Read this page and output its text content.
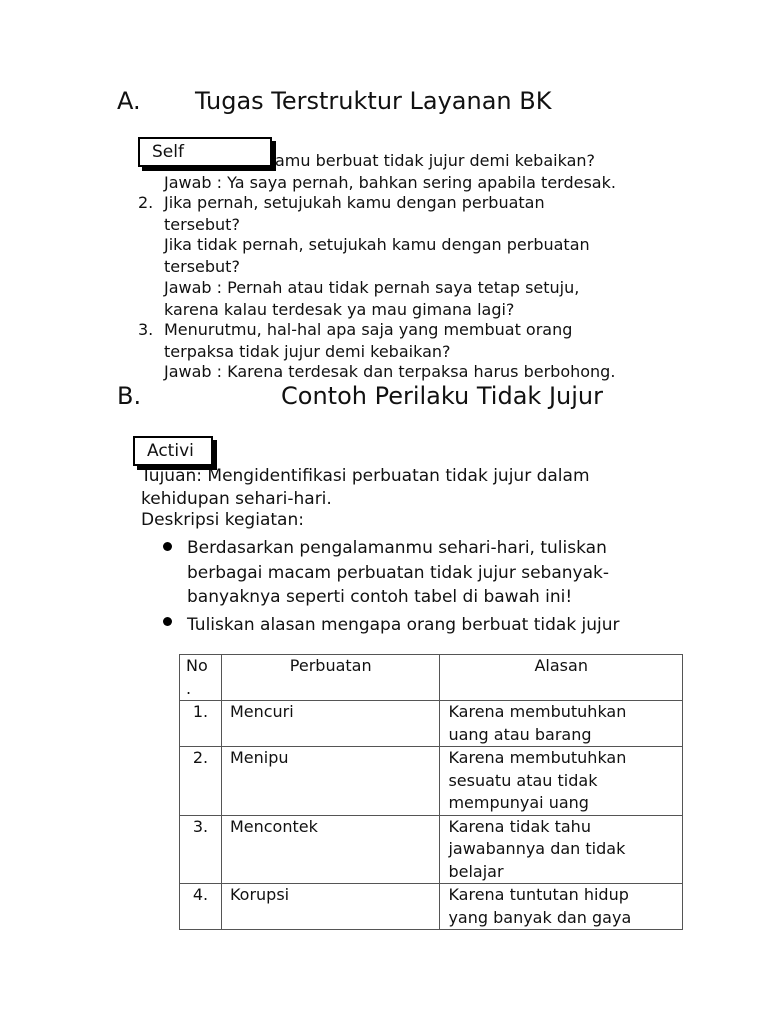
A. Tugas Terstruktur Layanan BK
amu berbuat tidak jujur demi kebaikan?
Self
Jawab : Ya saya pernah, bahkan sering apabila terdesak.
2. Jika pernah, setujukah kamu dengan perbuatan
tersebut?
Jika tidak pernah, setujukah kamu dengan perbuatan
tersebut?
Jawab : Pernah atau tidak pernah saya tetap setuju,
karena kalau terdesak ya mau gimana lagi?
3. Menurutmu, hal-hal apa saja yang membuat orang
terpaksa tidak jujur demi kebaikan?
Jawab : Karena terdesak dan terpaksa harus berbohong.
B.	Contoh Perilaku Tidak Jujur
Tujuan: Mengidentifikasi perbuatan tidak jujur dalam
Activi
kehidupan sehari-hari.
Deskripsi kegiatan:
Berdasarkan pengalamanmu sehari-hari, tuliskan
berbagai macam perbuatan tidak jujur sebanyak-
banyaknya seperti contoh tabel di bawah ini!
Tuliskan alasan mengapa orang berbuat tidak jujur
No
.	Perbuatan	Alasan
1.	Mencuri	Karena membutuhkan
uang atau barang

2.	Menipu	Karena membutuhkan
sesuatu atau tidak
mempunyai uang

3.	Mencontek	Karena tidak tahu
jawabannya dan tidak
belajar

4.	Korupsi	Karena tuntutan hidup
yang banyak dan gaya
